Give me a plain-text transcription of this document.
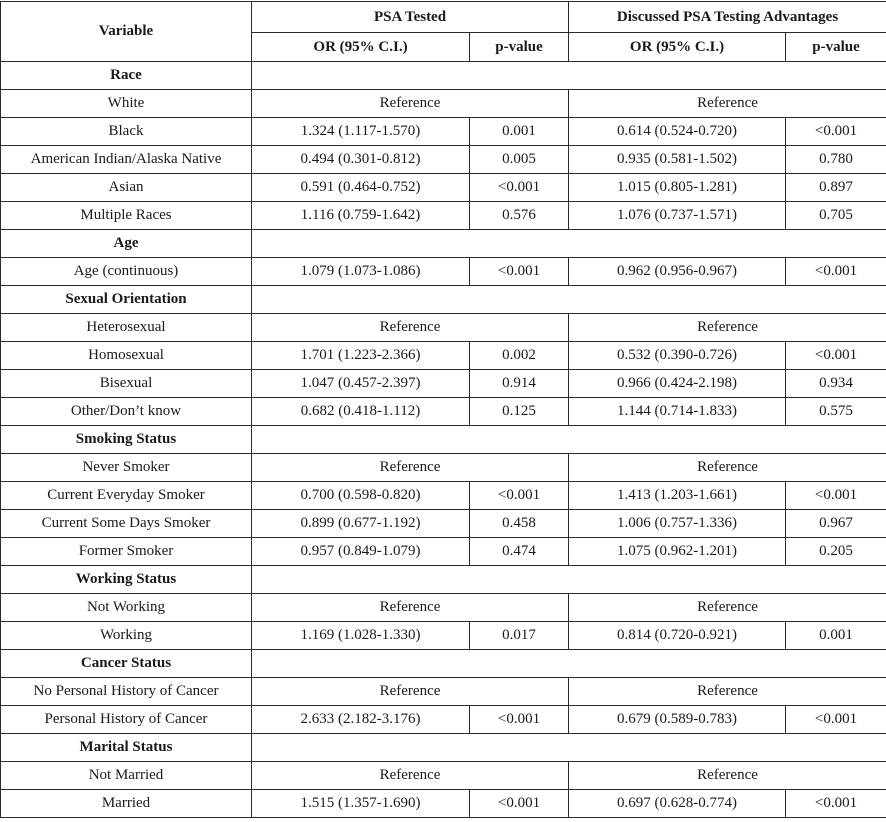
Variable	PSA Tested		Discussed PSA Testing Advantages	
	OR (95% C.I.)	p-value	OR (95% C.I.)	p-value
Race				
White	Reference		Reference	
Black	1.324 (1.117-1.570)	0.001	0.614 (0.524-0.720)	<0.001
American Indian/Alaska Native	0.494 (0.301-0.812)	0.005	0.935 (0.581-1.502)	0.780
Asian	0.591 (0.464-0.752)	<0.001	1.015 (0.805-1.281)	0.897
Multiple Races	1.116 (0.759-1.642)	0.576	1.076 (0.737-1.571)	0.705
Age				
Age (continuous)	1.079 (1.073-1.086)	<0.001	0.962 (0.956-0.967)	<0.001
Sexual Orientation				
Heterosexual	Reference		Reference	
Homosexual	1.701 (1.223-2.366)	0.002	0.532 (0.390-0.726)	<0.001
Bisexual	1.047 (0.457-2.397)	0.914	0.966 (0.424-2.198)	0.934
Other/Don’t know	0.682 (0.418-1.112)	0.125	1.144 (0.714-1.833)	0.575
Smoking Status				
Never Smoker	Reference		Reference	
Current Everyday Smoker	0.700 (0.598-0.820)	<0.001	1.413 (1.203-1.661)	<0.001
Current Some Days Smoker	0.899 (0.677-1.192)	0.458	1.006 (0.757-1.336)	0.967
Former Smoker	0.957 (0.849-1.079)	0.474	1.075 (0.962-1.201)	0.205
Working Status				
Not Working	Reference		Reference	
Working	1.169 (1.028-1.330)	0.017	0.814 (0.720-0.921)	0.001
Cancer Status				
No Personal History of Cancer	Reference		Reference	
Personal History of Cancer	2.633 (2.182-3.176)	<0.001	0.679 (0.589-0.783)	<0.001
Marital Status				
Not Married	Reference		Reference	
Married	1.515 (1.357-1.690)	<0.001	0.697 (0.628-0.774)	<0.001
